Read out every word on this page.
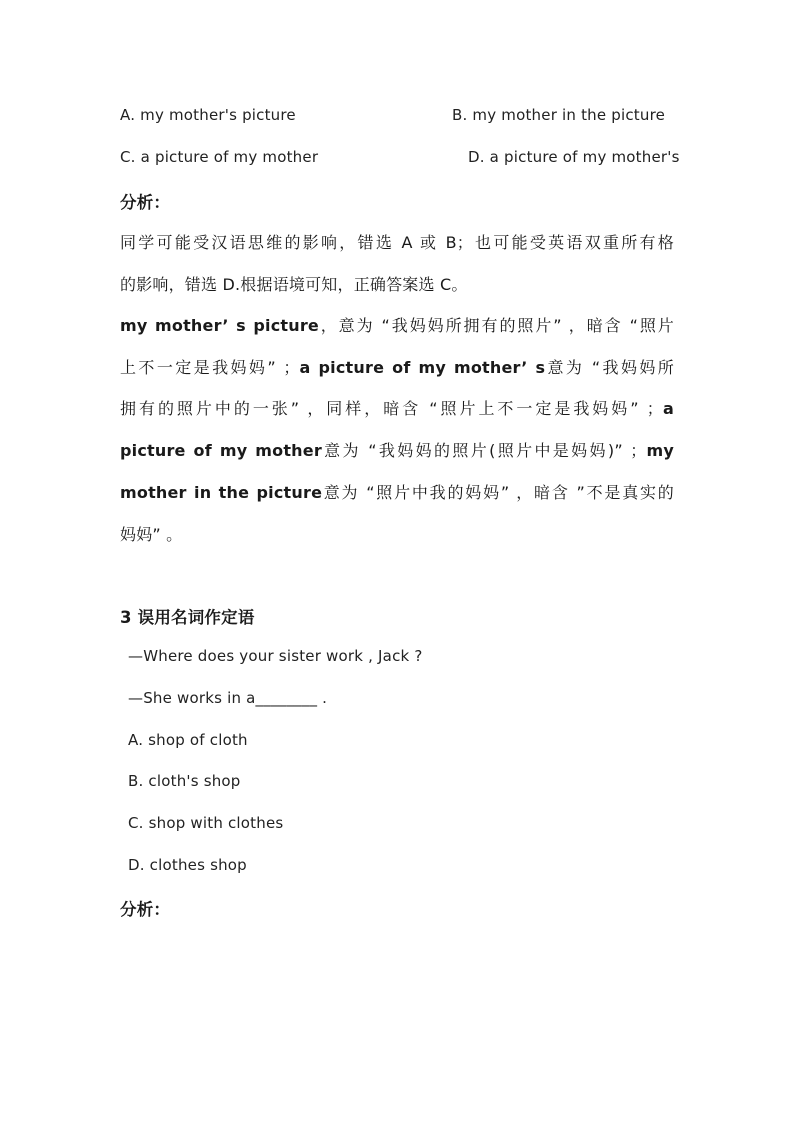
A. my mother's picture	B. my mother in the picture
C. a picture of my mother	D. a picture of my mother's
分析：
同学可能受汉语思维的影响，错选 A 或 B；也可能受英语双重所有格
的影响，错选 D.根据语境可知，正确答案选 C。
my mother’ s picture，意为 “我妈妈所拥有的照片” ，暗含 “照片
上不一定是我妈妈” ；a picture of my mother’ s意为 “我妈妈所
拥有的照片中的一张” ，同样，暗含 “照片上不一定是我妈妈” ；a
picture of my mother意为 “我妈妈的照片(照片中是妈妈)” ；my
mother in the picture意为 “照片中我的妈妈” ，暗含 ”不是真实的
妈妈” 。
3 误用名词作定语
—Where does your sister work , Jack ?
—She works in a________ .
A. shop of cloth
B. cloth's shop
C. shop with clothes
D. clothes shop
分析：
